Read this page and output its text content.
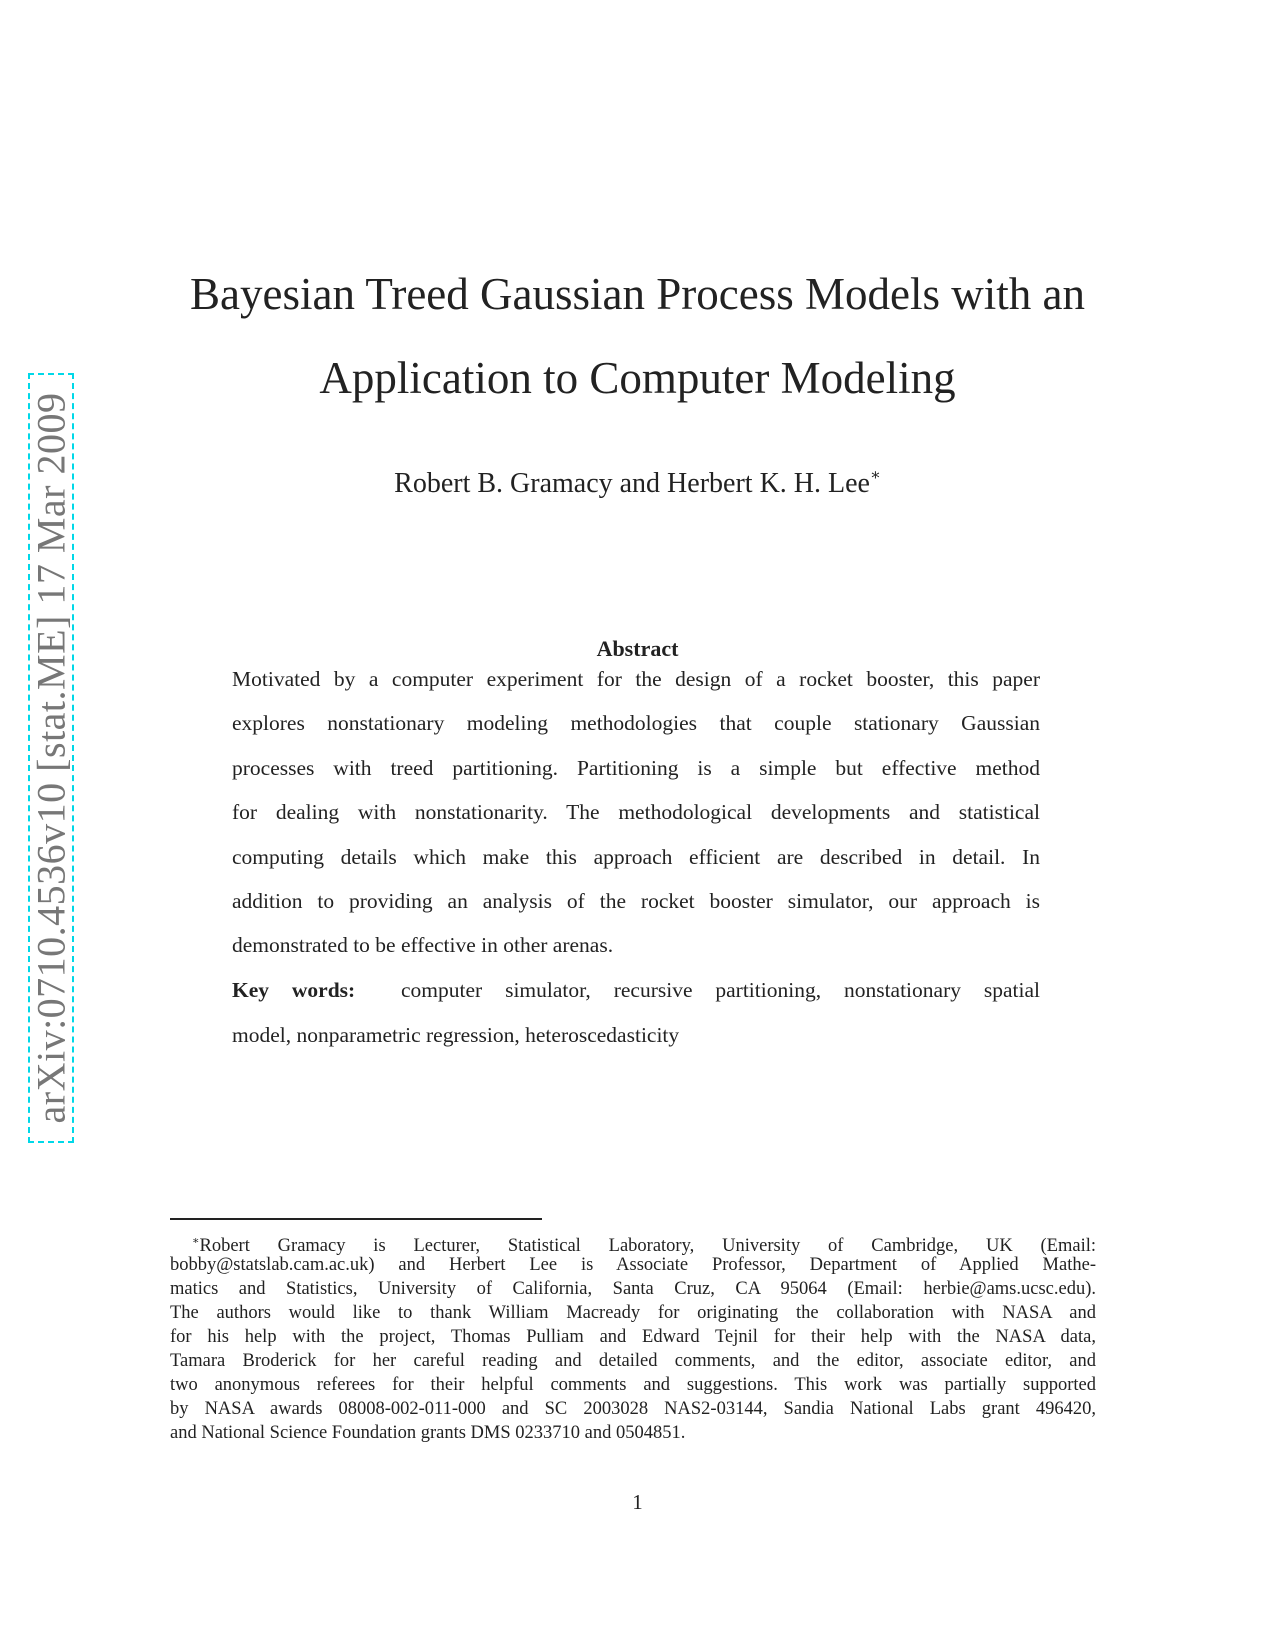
arXiv:0710.4536v10 [stat.ME] 17 Mar 2009
Bayesian Treed Gaussian Process Models with an
Application to Computer Modeling
Robert B. Gramacy and Herbert K. H. Lee∗
Abstract
Motivated by a computer experiment for the design of a rocket booster, this paper
explores nonstationary modeling methodologies that couple stationary Gaussian
processes with treed partitioning. Partitioning is a simple but effective method
for dealing with nonstationarity. The methodological developments and statistical
computing details which make this approach efficient are described in detail. In
addition to providing an analysis of the rocket booster simulator, our approach is
demonstrated to be effective in other arenas.
Key words: computer simulator, recursive partitioning, nonstationary spatial
model, nonparametric regression, heteroscedasticity
∗Robert Gramacy is Lecturer, Statistical Laboratory, University of Cambridge, UK (Email:
bobby@statslab.cam.ac.uk) and Herbert Lee is Associate Professor, Department of Applied Mathe-
matics and Statistics, University of California, Santa Cruz, CA 95064 (Email: herbie@ams.ucsc.edu).
The authors would like to thank William Macready for originating the collaboration with NASA and
for his help with the project, Thomas Pulliam and Edward Tejnil for their help with the NASA data,
Tamara Broderick for her careful reading and detailed comments, and the editor, associate editor, and
two anonymous referees for their helpful comments and suggestions. This work was partially supported
by NASA awards 08008-002-011-000 and SC 2003028 NAS2-03144, Sandia National Labs grant 496420,
and National Science Foundation grants DMS 0233710 and 0504851.
1
